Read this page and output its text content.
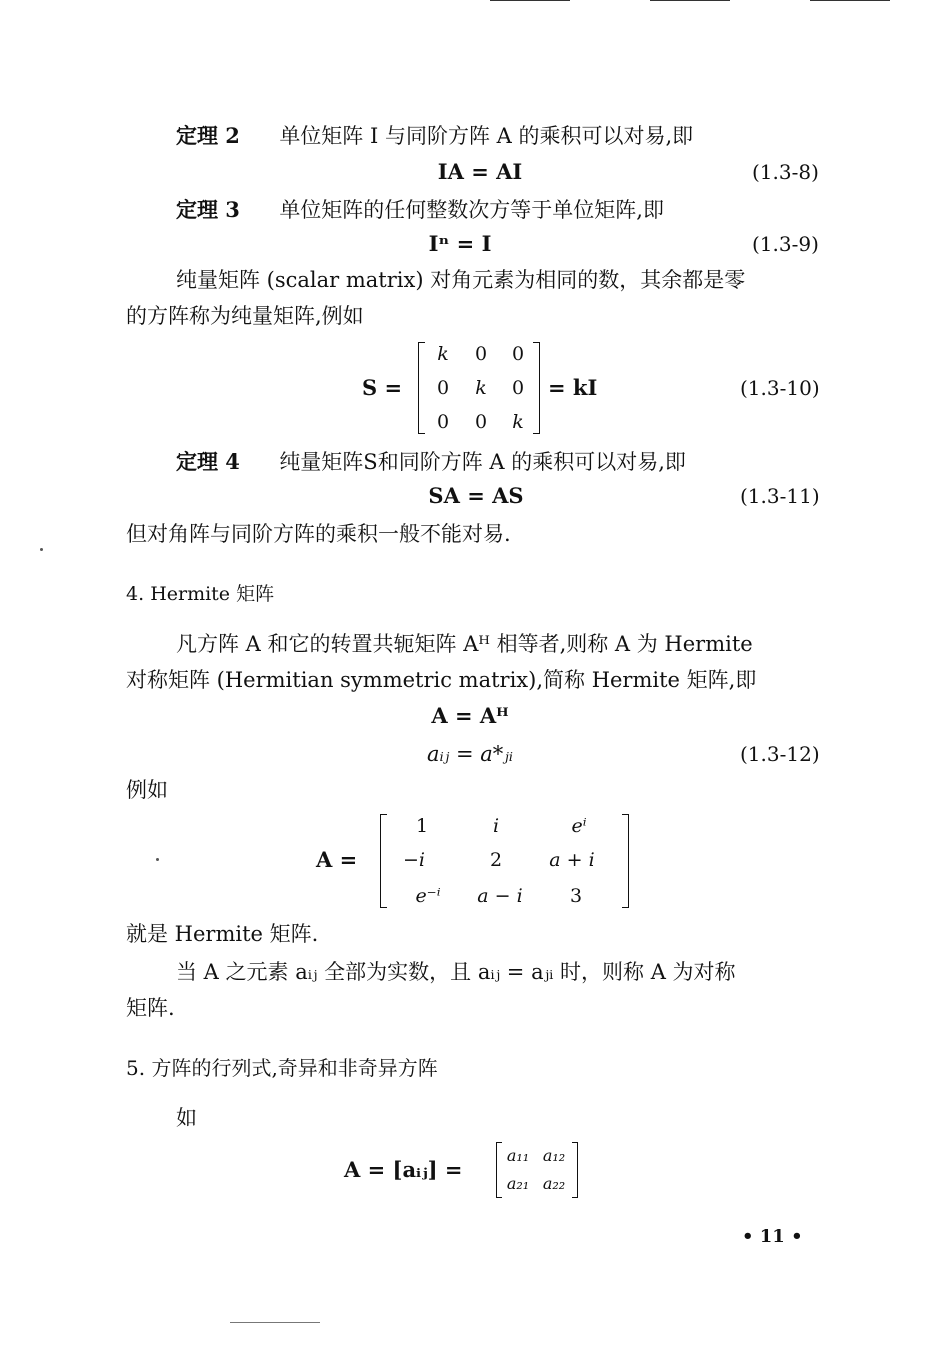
定理 2 单位矩阵 I 与同阶方阵 A 的乘积可以对易,即
IA = AI	(1.3-8)
定理 3 单位矩阵的任何整数次方等于单位矩阵,即
Iⁿ = I	(1.3-9)
纯量矩阵 (scalar matrix) 对角元素为相同的数，其余都是零
的方阵称为纯量矩阵,例如
S =
k	0	0
0	k	0
0	0	k
= kI	(1.3-10)
定理 4 纯量矩阵S和同阶方阵 A 的乘积可以对易,即
SA = AS	(1.3-11)
但对角阵与同阶方阵的乘积一般不能对易.
4. Hermite 矩阵
凡方阵 A 和它的转置共轭矩阵 Aᴴ 相等者,则称 A 为 Hermite
对称矩阵 (Hermitian symmetric matrix),简称 Hermite 矩阵,即
A = Aᴴ
aᵢⱼ = a*ⱼᵢ	(1.3-12)
例如
A =
1	i	eⁱ
−i	2	a + i
e⁻ⁱ	a − i	3
就是 Hermite 矩阵.
当 A 之元素 aᵢⱼ 全部为实数，且 aᵢⱼ = aⱼᵢ 时，则称 A 为对称
矩阵.
5. 方阵的行列式,奇异和非奇异方阵
如
A = [aᵢⱼ] =
a₁₁ a₁₂
a₂₁ a₂₂
• 11 •
